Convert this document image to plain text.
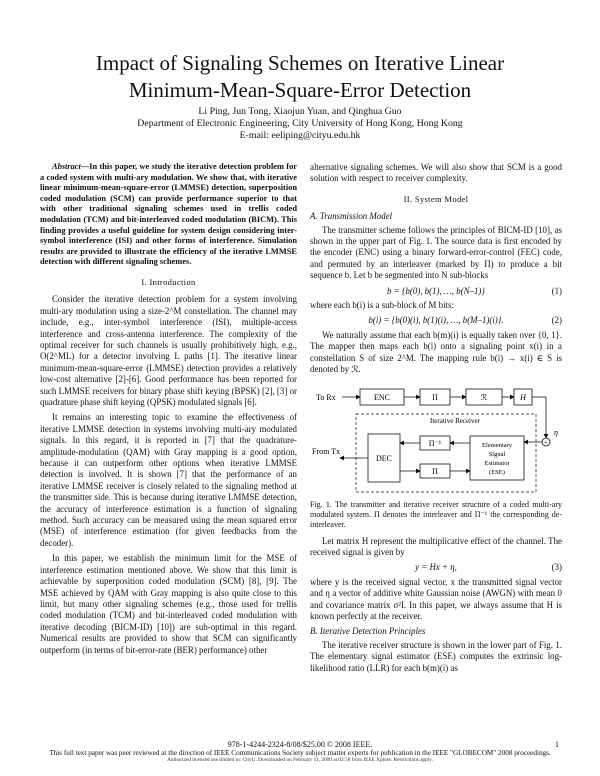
Impact of Signaling Schemes on Iterative Linear
Minimum-Mean-Square-Error Detection
Li Ping, Jun Tong, Xiaojun Yuan, and Qinghua Guo
Department of Electronic Engineering, City University of Hong Kong, Hong Kong
E-mail: eeliping@cityu.edu.hk

Abstract—In this paper, we study the iterative detection problem for a coded system with multi-ary modulation. We show that, with iterative linear minimum-mean-square-error (LMMSE) detection, superposition coded modulation (SCM) can provide performance superior to that with other traditional signaling schemes used in trellis coded modulation (TCM) and bit-interleaved coded modulation (BICM). This finding provides a useful guideline for system design considering inter-symbol interference (ISI) and other forms of interference. Simulation results are provided to illustrate the efficiency of the iterative LMMSE detection with different signaling schemes.

I. Introduction

Consider the iterative detection problem for a system involving multi-ary modulation using a size-2^M constellation. The channel may include, e.g., inter-symbol interference (ISI), multiple-access interference and cross-antenna interference. The complexity of the optimal receiver for such channels is usually prohibitively high, e.g., O(2^ML) for a detector involving L paths [1]. The iterative linear minimum-mean-square-error (LMMSE) detection provides a relatively low-cost alternative [2]-[6]. Good performance has been reported for such LMMSE receivers for binary phase shift keying (BPSK) [2], [3] or quadrature phase shift keying (QPSK) modulated signals [6].

It remains an interesting topic to examine the effectiveness of iterative LMMSE detection in systems involving multi-ary modulated signals. In this regard, it is reported in [7] that the quadrature-amplitude-modulation (QAM) with Gray mapping is a good option, because it can outperform other options when iterative LMMSE detection is involved. It is shown [7] that the performance of an iterative LMMSE receiver is closely related to the signaling method at the transmitter side. This is because during iterative LMMSE detection, the accuracy of interference estimation is a function of signaling method. Such accuracy can be measured using the mean squared error (MSE) of interference estimation (for given feedbacks from the decoder).

In this paper, we establish the minimum limit for the MSE of interference estimation mentioned above. We show that this limit is achievable by superposition coded modulation (SCM) [8], [9]. The MSE achieved by QAM with Gray mapping is also quite close to this limit, but many other signaling schemes (e.g., those used for trellis coded modulation (TCM) and bit-interleaved coded modulation with iterative decoding (BICM-ID) [10]) are sub-optimal in this regard. Numerical results are provided to show that SCM can significantly outperform (in terms of bit-error-rate (BER) performance) other

alternative signaling schemes. We will also show that SCM is a good solution with respect to receiver complexity.

II. System Model
A. Transmission Model

The transmitter scheme follows the principles of BICM-ID [10], as shown in the upper part of Fig. 1. The source data is first encoded by the encoder (ENC) using a binary forward-error-control (FEC) code, and permuted by an interleaver (marked by Π) to produce a bit sequence b. Let b be segmented into N sub-blocks

b = {b(0), b(1), …, b(N–1)}	(1)

where each b(i) is a sub-block of M bits:

b(i) = {b(0)(i), b(1)(i), …, b(M–1)(i)}.	(2)

We naturally assume that each b(m)(i) is equally taken over {0, 1}. The mapper then maps each b(i) onto a signaling point x(i) in a constellation S of size 2^M. The mapping rule b(i) → x(i) ∈ S is denoted by ℛ.

To Rx	ENC	Π	ℛ	H
+
η
Iterative Receiver
Elementary
Signal
Estimator
(ESE)
Π⁻¹
Π
DEC
From Tx
Fig. 1. The transmitter and iterative receiver structure of a coded multi-ary modulated system. Π denotes the interleaver and Π⁻¹ the corresponding de-interleaver.

Let matrix H represent the multiplicative effect of the channel. The received signal is given by

y = Hx + η,	(3)

where y is the received signal vector, x the transmitted signal vector and η a vector of additive white Gaussian noise (AWGN) with mean 0 and covariance matrix σ²I. In this paper, we always assume that H is known perfectly at the receiver.

B. Iterative Detection Principles

The iterative receiver structure is shown in the lower part of Fig. 1. The elementary signal estimator (ESE) computes the extrinsic log-likelihood ratio (LLR) for each b(m)(i) as

978-1-4244-2324-8/08/$25.00 © 2008 IEEE.	1
This full text paper was peer reviewed at the direction of IEEE Communications Society subject matter experts for publication in the IEEE "GLOBECOM" 2008 proceedings.
Authorized licensed use limited to: CityU. Downloaded on February 11, 2009 at 02:58 from IEEE Xplore. Restrictions apply.
